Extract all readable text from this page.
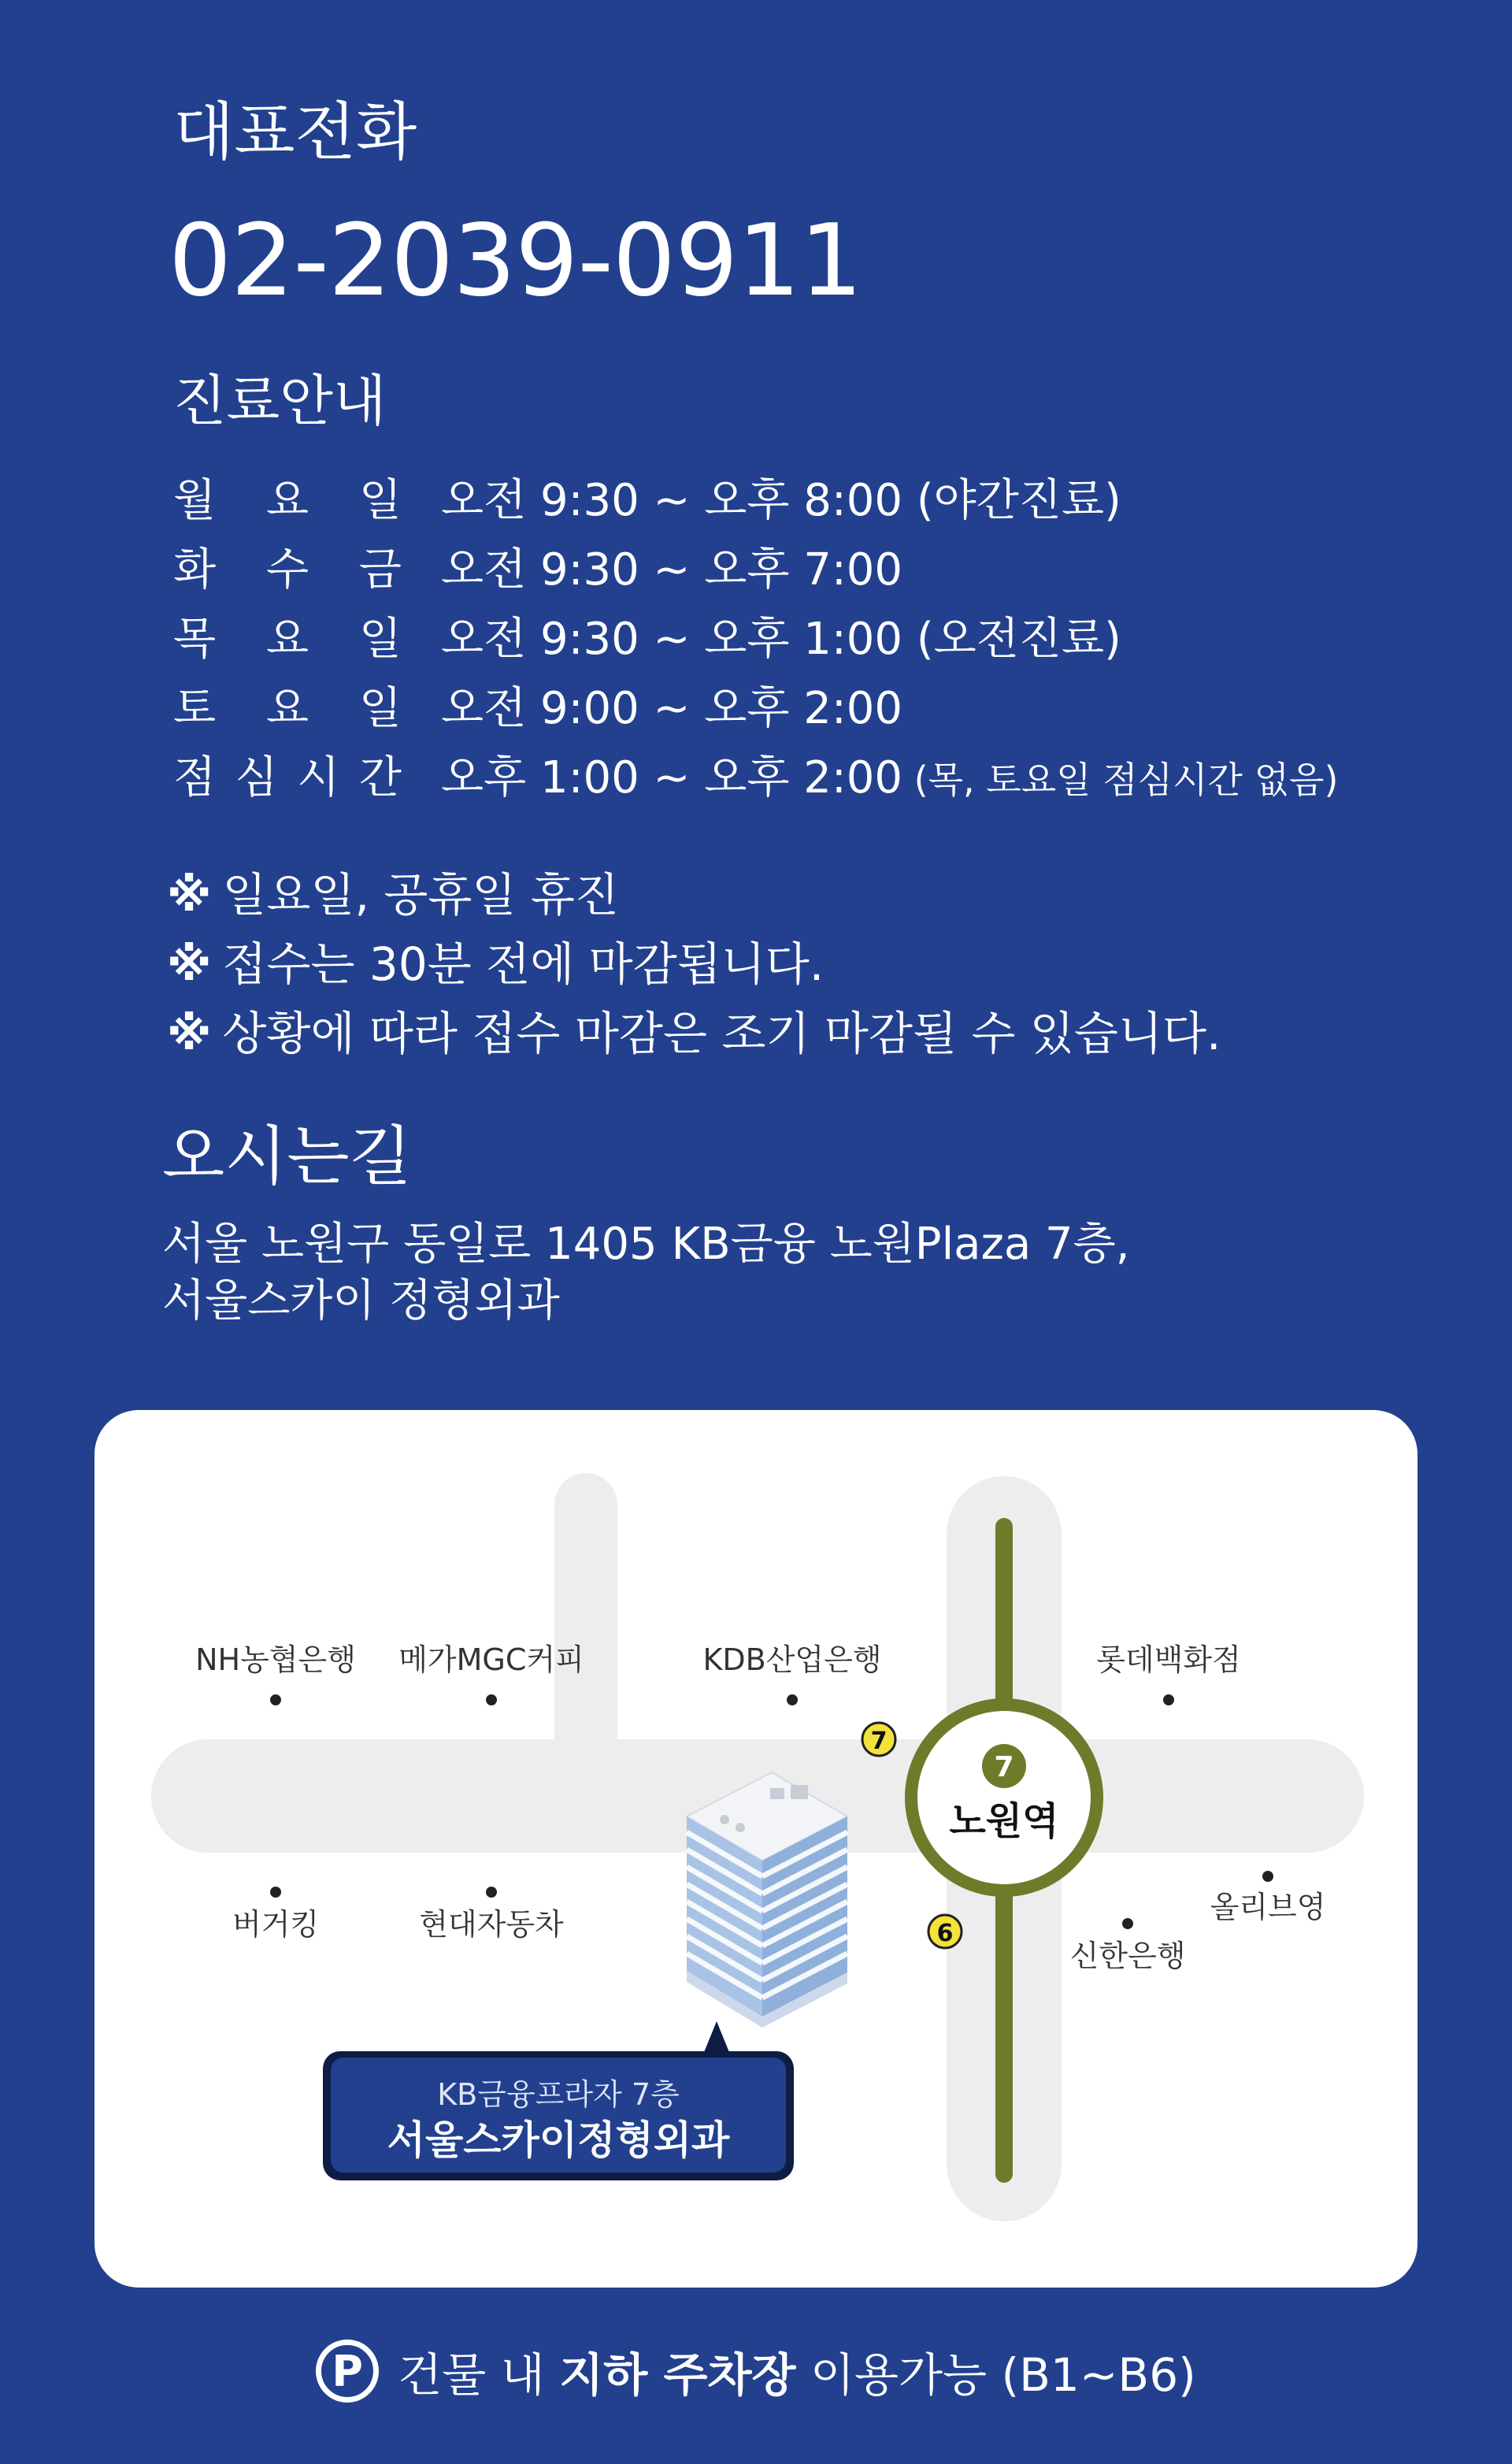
대표전화
02-2039-0911
진료안내
월 요 일 오전 9:30 ~ 오후 8:00 (야간진료)
화 수 금 오전 9:30 ~ 오후 7:00
목 요 일 오전 9:30 ~ 오후 1:00 (오전진료)
토 요 일 오전 9:00 ~ 오후 2:00
점 심 시 간 오후 1:00 ~ 오후 2:00 (목, 토요일 점심시간 없음)
※ 일요일, 공휴일 휴진
※ 접수는 30분 전에 마감됩니다.
※ 상황에 따라 접수 마감은 조기 마감될 수 있습니다.
오시는길
서울 노원구 동일로 1405 KB금융 노원Plaza 7층,
서울스카이 정형외과
NH농협은행 메가MGC커피	KDB산업은행	롯데백화점
버거킹	현대자동차
신한은행
올리브영
7
노원역
7
6
KB금융프라자 7층
서울스카이정형외과
P 건물 내 지하 주차장 이용가능 (B1~B6)
